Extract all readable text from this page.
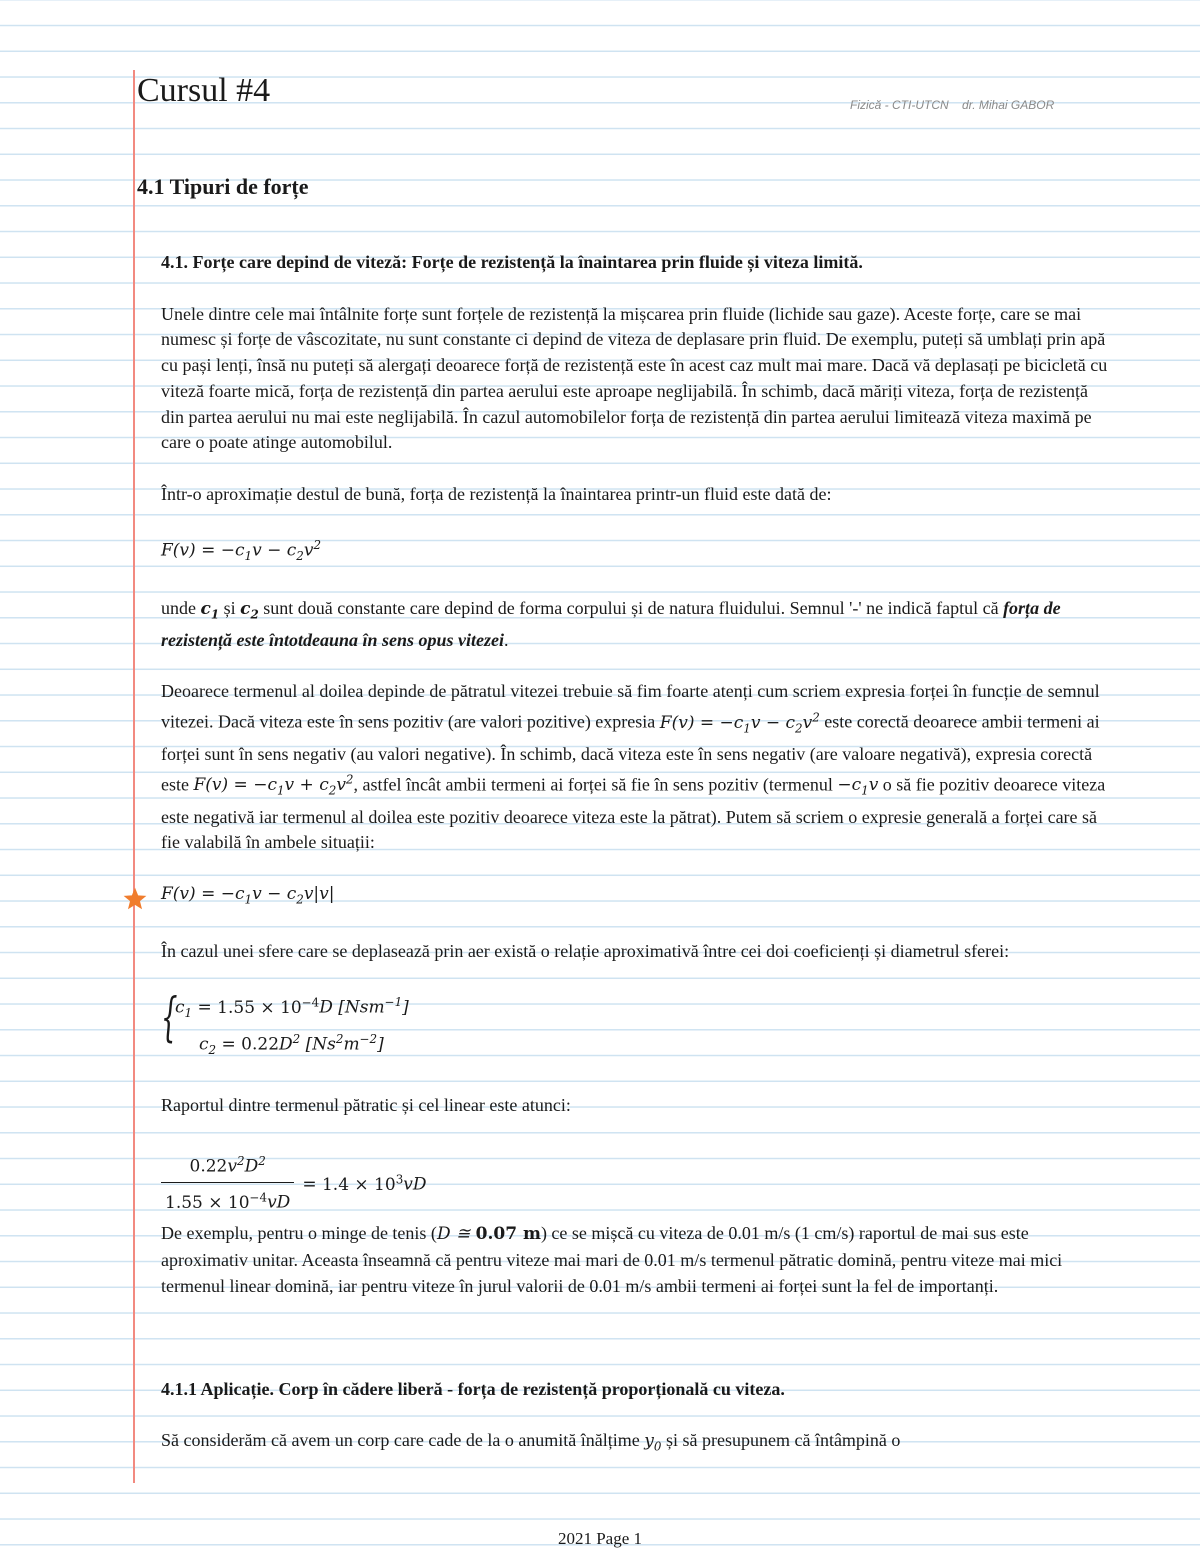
Cursul #4	Fizică - CTI-UTCN    dr. Mihai GABOR
4.1 Tipuri de forțe

4.1. Forțe care depind de viteză: Forțe de rezistență la înaintarea prin fluide și viteza limită.

Unele dintre cele mai întâlnite forțe sunt forțele de rezistență la mișcarea prin fluide (lichide sau gaze). Aceste forțe, care se mai numesc și forțe de vâscozitate, nu sunt constante ci depind de viteza de deplasare prin fluid. De exemplu, puteți să umblați prin apă cu pași lenți, însă nu puteți să alergați deoarece forță de rezistență este în acest caz mult mai mare. Dacă vă deplasați pe bicicletă cu viteză foarte mică, forța de rezistență din partea aerului este aproape neglijabilă. În schimb, dacă măriți viteza, forța de rezistență din partea aerului nu mai este neglijabilă. În cazul automobilelor forța de rezistență din partea aerului limitează viteza maximă pe care o poate atinge automobilul.

Într-o aproximație destul de bună, forța de rezistență la înaintarea printr-un fluid este dată de:

$F(v) = -c_1v - c_2v^2$

unde $c_1$ și $c_2$ sunt două constante care depind de forma corpului și de natura fluidului. Semnul '-' ne indică faptul că forța de rezistență este întotdeauna în sens opus vitezei.

Deoarece termenul al doilea depinde de pătratul vitezei trebuie să fim foarte atenți cum scriem expresia forței în funcție de semnul vitezei. Dacă viteza este în sens pozitiv (are valori pozitive) expresia $F(v) = -c_1v - c_2v^2$ este corectă deoarece ambii termeni ai forței sunt în sens negativ (au valori negative). În schimb, dacă viteza este în sens negativ (are valoare negativă), expresia corectă este $F(v) = -c_1v + c_2v^2$, astfel încât ambii termeni ai forței să fie în sens pozitiv (termenul $-c_1v$ o să fie pozitiv deoarece viteza este negativă iar termenul al doilea este pozitiv deoarece viteza este la pătrat). Putem să scriem o expresie generală a forței care să fie valabilă în ambele situații:

$F(v) = -c_1v - c_2v|v|$

În cazul unei sfere care se deplasează prin aer există o relație aproximativă între cei doi coeficienți și diametrul sferei:

{
$c_1 = 1.55 \times 10^{-4}D$ [Nsm$^{-1}$]
$c_2 = 0.22D^2$ $[Ns^2m^{-2}]$

Raportul dintre termenul pătratic și cel linear este atunci:

$\frac{0.22v^2D^2}{1.55 \times 10^{-4}vD} = 1.4 \times 10^3vD$

De exemplu, pentru o minge de tenis (D ≅ 0.07 m) ce se mișcă cu viteza de 0.01 m/s (1 cm/s) raportul de mai sus este aproximativ unitar. Aceasta înseamnă că pentru viteze mai mari de 0.01 m/s termenul pătratic domină, pentru viteze mai mici termenul linear domină, iar pentru viteze în jurul valorii de 0.01 m/s ambii termeni ai forței sunt la fel de importanți.

4.1.1 Aplicație. Corp în cădere liberă - forța de rezistență proporțională cu viteza.

Să considerăm că avem un corp care cade de la o anumită înălțime $y_0$ și să presupunem că întâmpină o

2021 Page 1
